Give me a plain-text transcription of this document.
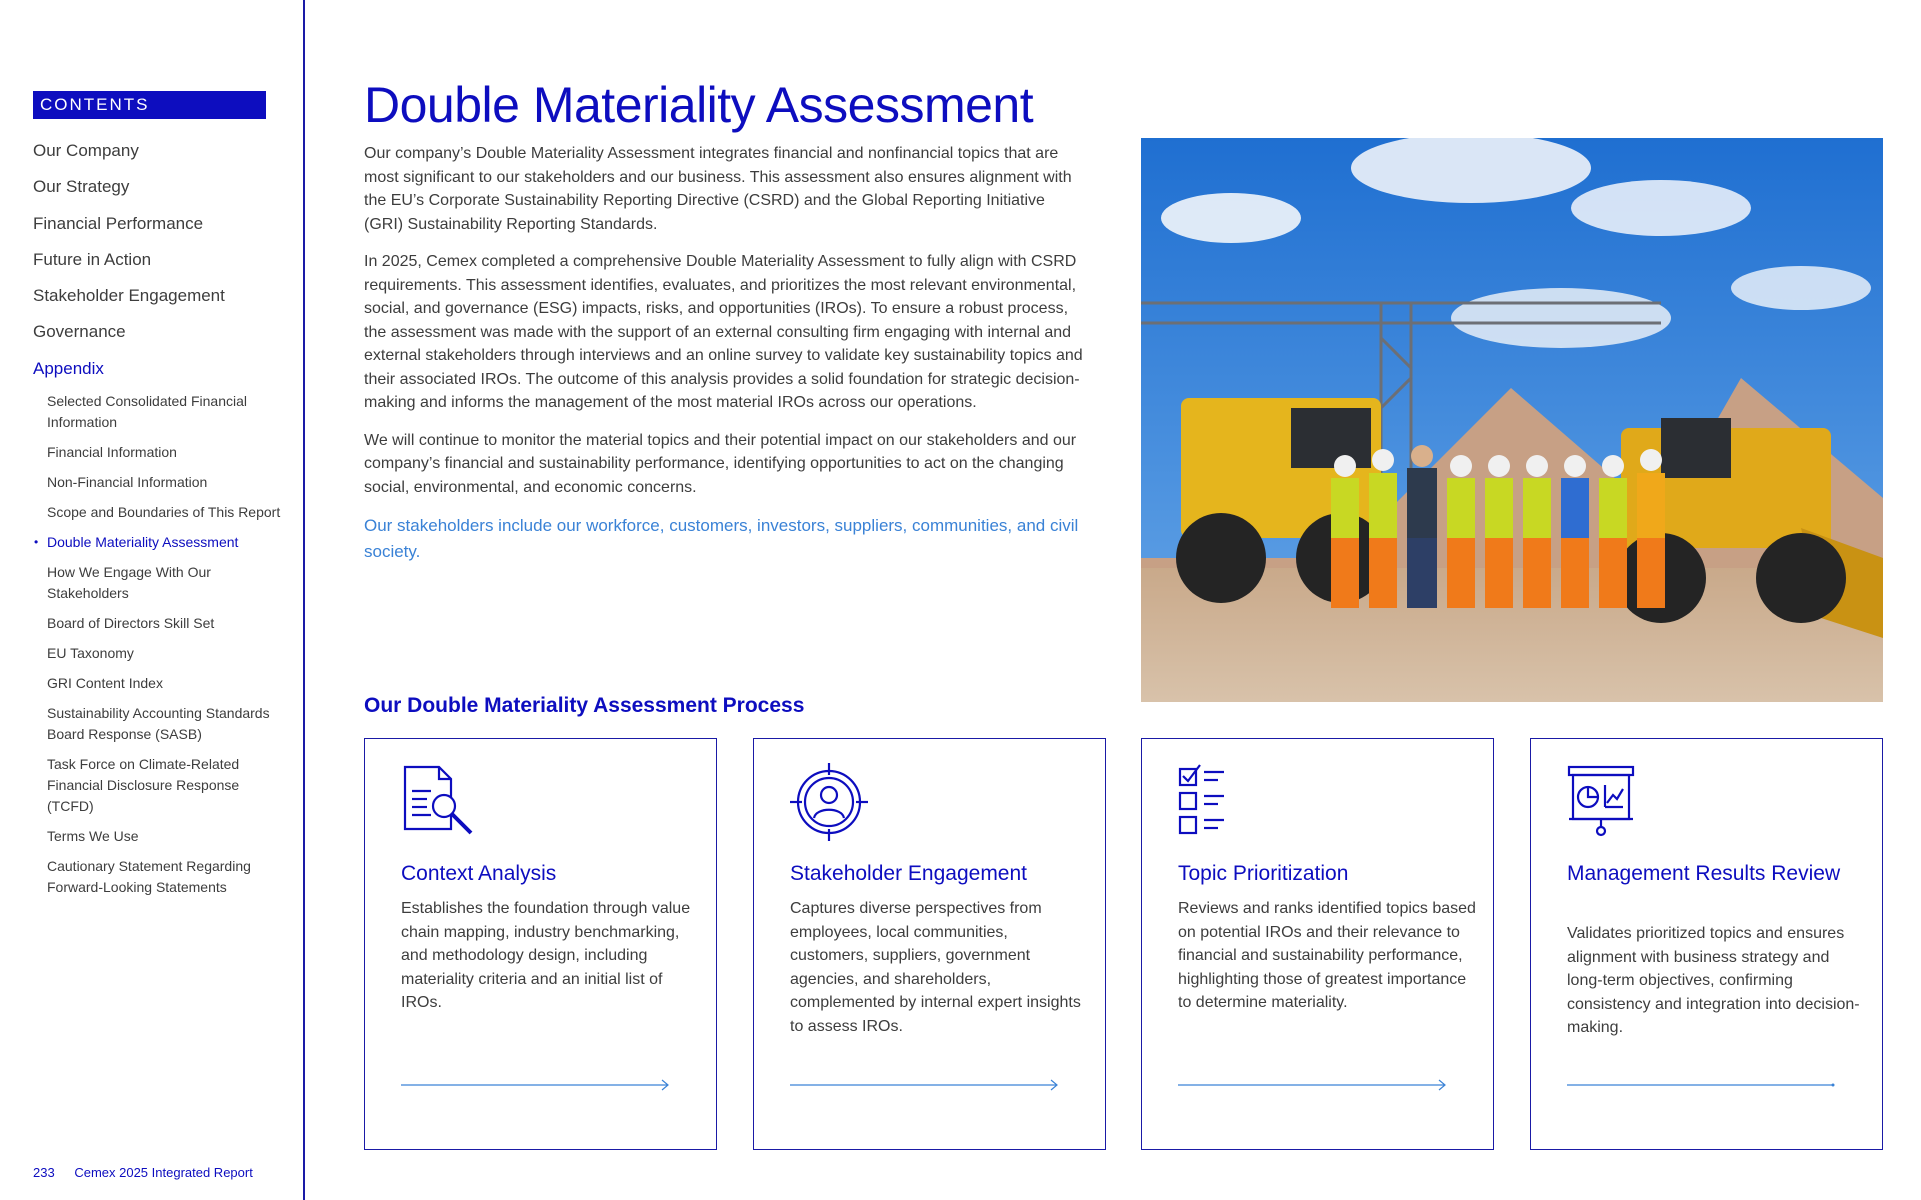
CONTENTS
Our Company
Our Strategy
Financial Performance
Future in Action
Stakeholder Engagement
Governance
Appendix
Selected Consolidated Financial Information
Financial Information
Non-Financial Information
Scope and Boundaries of This Report
• Double Materiality Assessment
How We Engage With Our Stakeholders
Board of Directors Skill Set
EU Taxonomy
GRI Content Index
Sustainability Accounting Standards Board Response (SASB)
Task Force on Climate-Related Financial Disclosure Response (TCFD)
Terms We Use
Cautionary Statement Regarding Forward-Looking Statements
233 Cemex 2025 Integrated Report
Double Materiality Assessment

Our company’s Double Materiality Assessment integrates financial and nonfinancial topics that are most significant to our stakeholders and our business. This assessment also ensures alignment with the EU’s Corporate Sustainability Reporting Directive (CSRD) and the Global Reporting Initiative (GRI) Sustainability Reporting Standards.

In 2025, Cemex completed a comprehensive Double Materiality Assessment to fully align with CSRD requirements. This assessment identifies, evaluates, and prioritizes the most relevant environmental, social, and governance (ESG) impacts, risks, and opportunities (IROs). To ensure a robust process, the assessment was made with the support of an external consulting firm engaging with internal and external stakeholders through interviews and an online survey to validate key sustainability topics and their associated IROs. The outcome of this analysis provides a solid foundation for strategic decision-making and informs the management of the most material IROs across our operations.

We will continue to monitor the material topics and their potential impact on our stakeholders and our company’s financial and sustainability performance, identifying opportunities to act on the changing social, environmental, and economic concerns.

Our stakeholders include our workforce, customers, investors, suppliers, communities, and civil society.

Our Double Materiality Assessment Process
Context Analysis

Establishes the foundation through value chain mapping, industry benchmarking, and methodology design, including materiality criteria and an initial list of IROs.

Stakeholder Engagement

Captures diverse perspectives from employees, local communities, customers, suppliers, government agencies, and shareholders, complemented by internal expert insights to assess IROs.

Topic Prioritization

Reviews and ranks identified topics based on potential IROs and their relevance to financial and sustainability performance, highlighting those of greatest importance to determine materiality.

Management Results Review

Validates prioritized topics and ensures alignment with business strategy and long-term objectives, confirming consistency and integration into decision-making.
